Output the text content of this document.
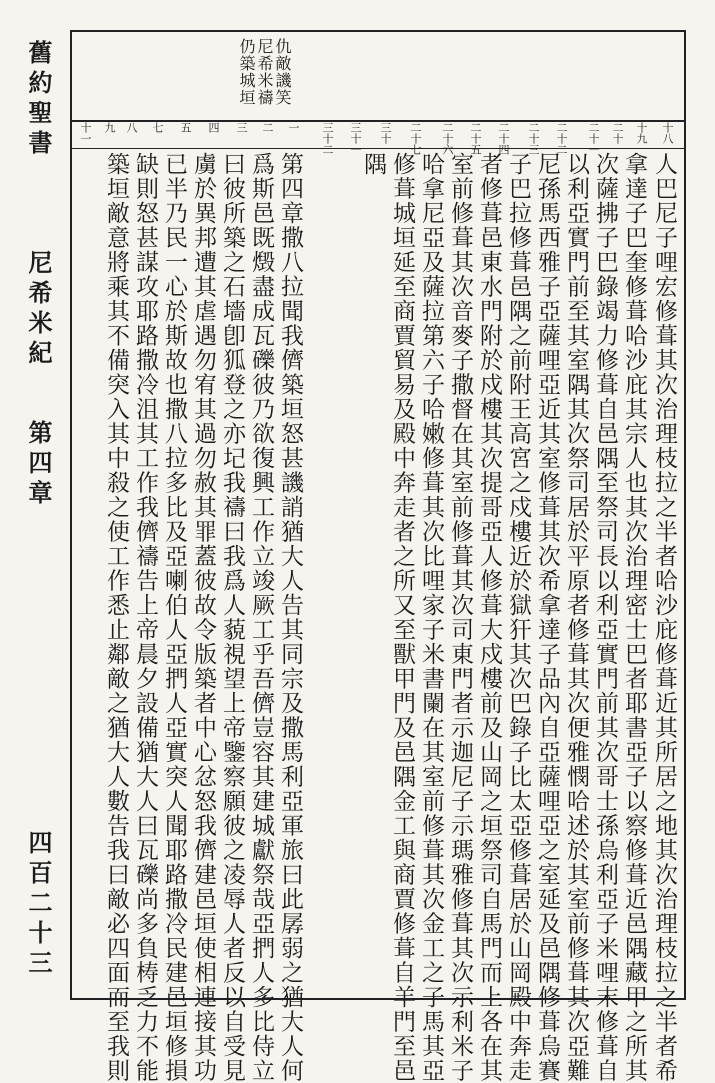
舊約聖書
尼希米紀
第四章
四百二十三
仇敵譏笑
尼希米禱
仍築城垣
十八
十九
二十
二十一
二十二
二十三
二十四
二十五
二十六
二十七
三十
三十一
三十二
一
二
三
四
五
七
八
九
十一
人巴尼子哩宏修葺其次治理枝拉之半者哈沙庇修葺近其所居之地其次治理枝拉之半者希
拿達子巴奎修葺哈沙庇其宗人也其次治理密士巴者耶書亞子以察修葺近邑隅藏甲之所其
次薩拂子巴錄竭力修葺自邑隅至祭司長以利亞實門前其次哥士孫烏利亞子米哩末修葺自
以利亞實門前至其室隅其次祭司居於平原者修葺其次便雅憫哈述於其室前修葺其次亞難
尼孫馬西雅子亞薩哩亞近其室修葺其次希拿達子品內自亞薩哩亞之室延及邑隅修葺烏賽
子巴拉修葺邑隅之前附王高宮之戍樓近於獄犴其次巴錄子比太亞修葺居於山岡殿中奔走
者修葺邑東水門附於戍樓其次提哥亞人修葺大戍樓前及山岡之垣祭司自馬門而上各在其
室前修葺其次音麥子撒督在其室前修葺其次司東門者示迦尼子示瑪雅修葺其次示利米子
哈拿尼亞及薩拉第六子哈嫩修葺其次比哩家子米書闌在其室前修葺其次金工之子馬其亞
修葺城垣延至商賈貿易及殿中奔走者之所又至獸甲門及邑隅金工與商賈修葺自羊門至邑
隅
第四章撒八拉聞我儕築垣怒甚譏誚猶大人告其同宗及撒馬利亞軍旅曰此孱弱之猶大人何
爲斯邑既燬盡成瓦礫彼乃欲復興工作立竣厥工乎吾儕豈容其建城獻祭哉亞捫人多比侍立
曰彼所築之石墻卽狐登之亦圮我禱曰我爲人藐視望上帝鑒察願彼之凌辱人者反以自受見
虜於異邦遭其虐遇勿宥其過勿赦其罪蓋彼故令版築者中心忿怒我儕建邑垣使相連接其功
已半乃民一心於斯故也撒八拉多比及亞喇伯人亞捫人亞實突人聞耶路撒冷民建邑垣修損
缺則怒甚謀攻耶路撒冷沮其工作我儕禱告上帝晨夕設備猶大人曰瓦礫尚多負梼乏力不能
築垣敵意將乘其不備突入其中殺之使工作悉止鄰敵之猶大人數告我曰敵必四面而至我則
